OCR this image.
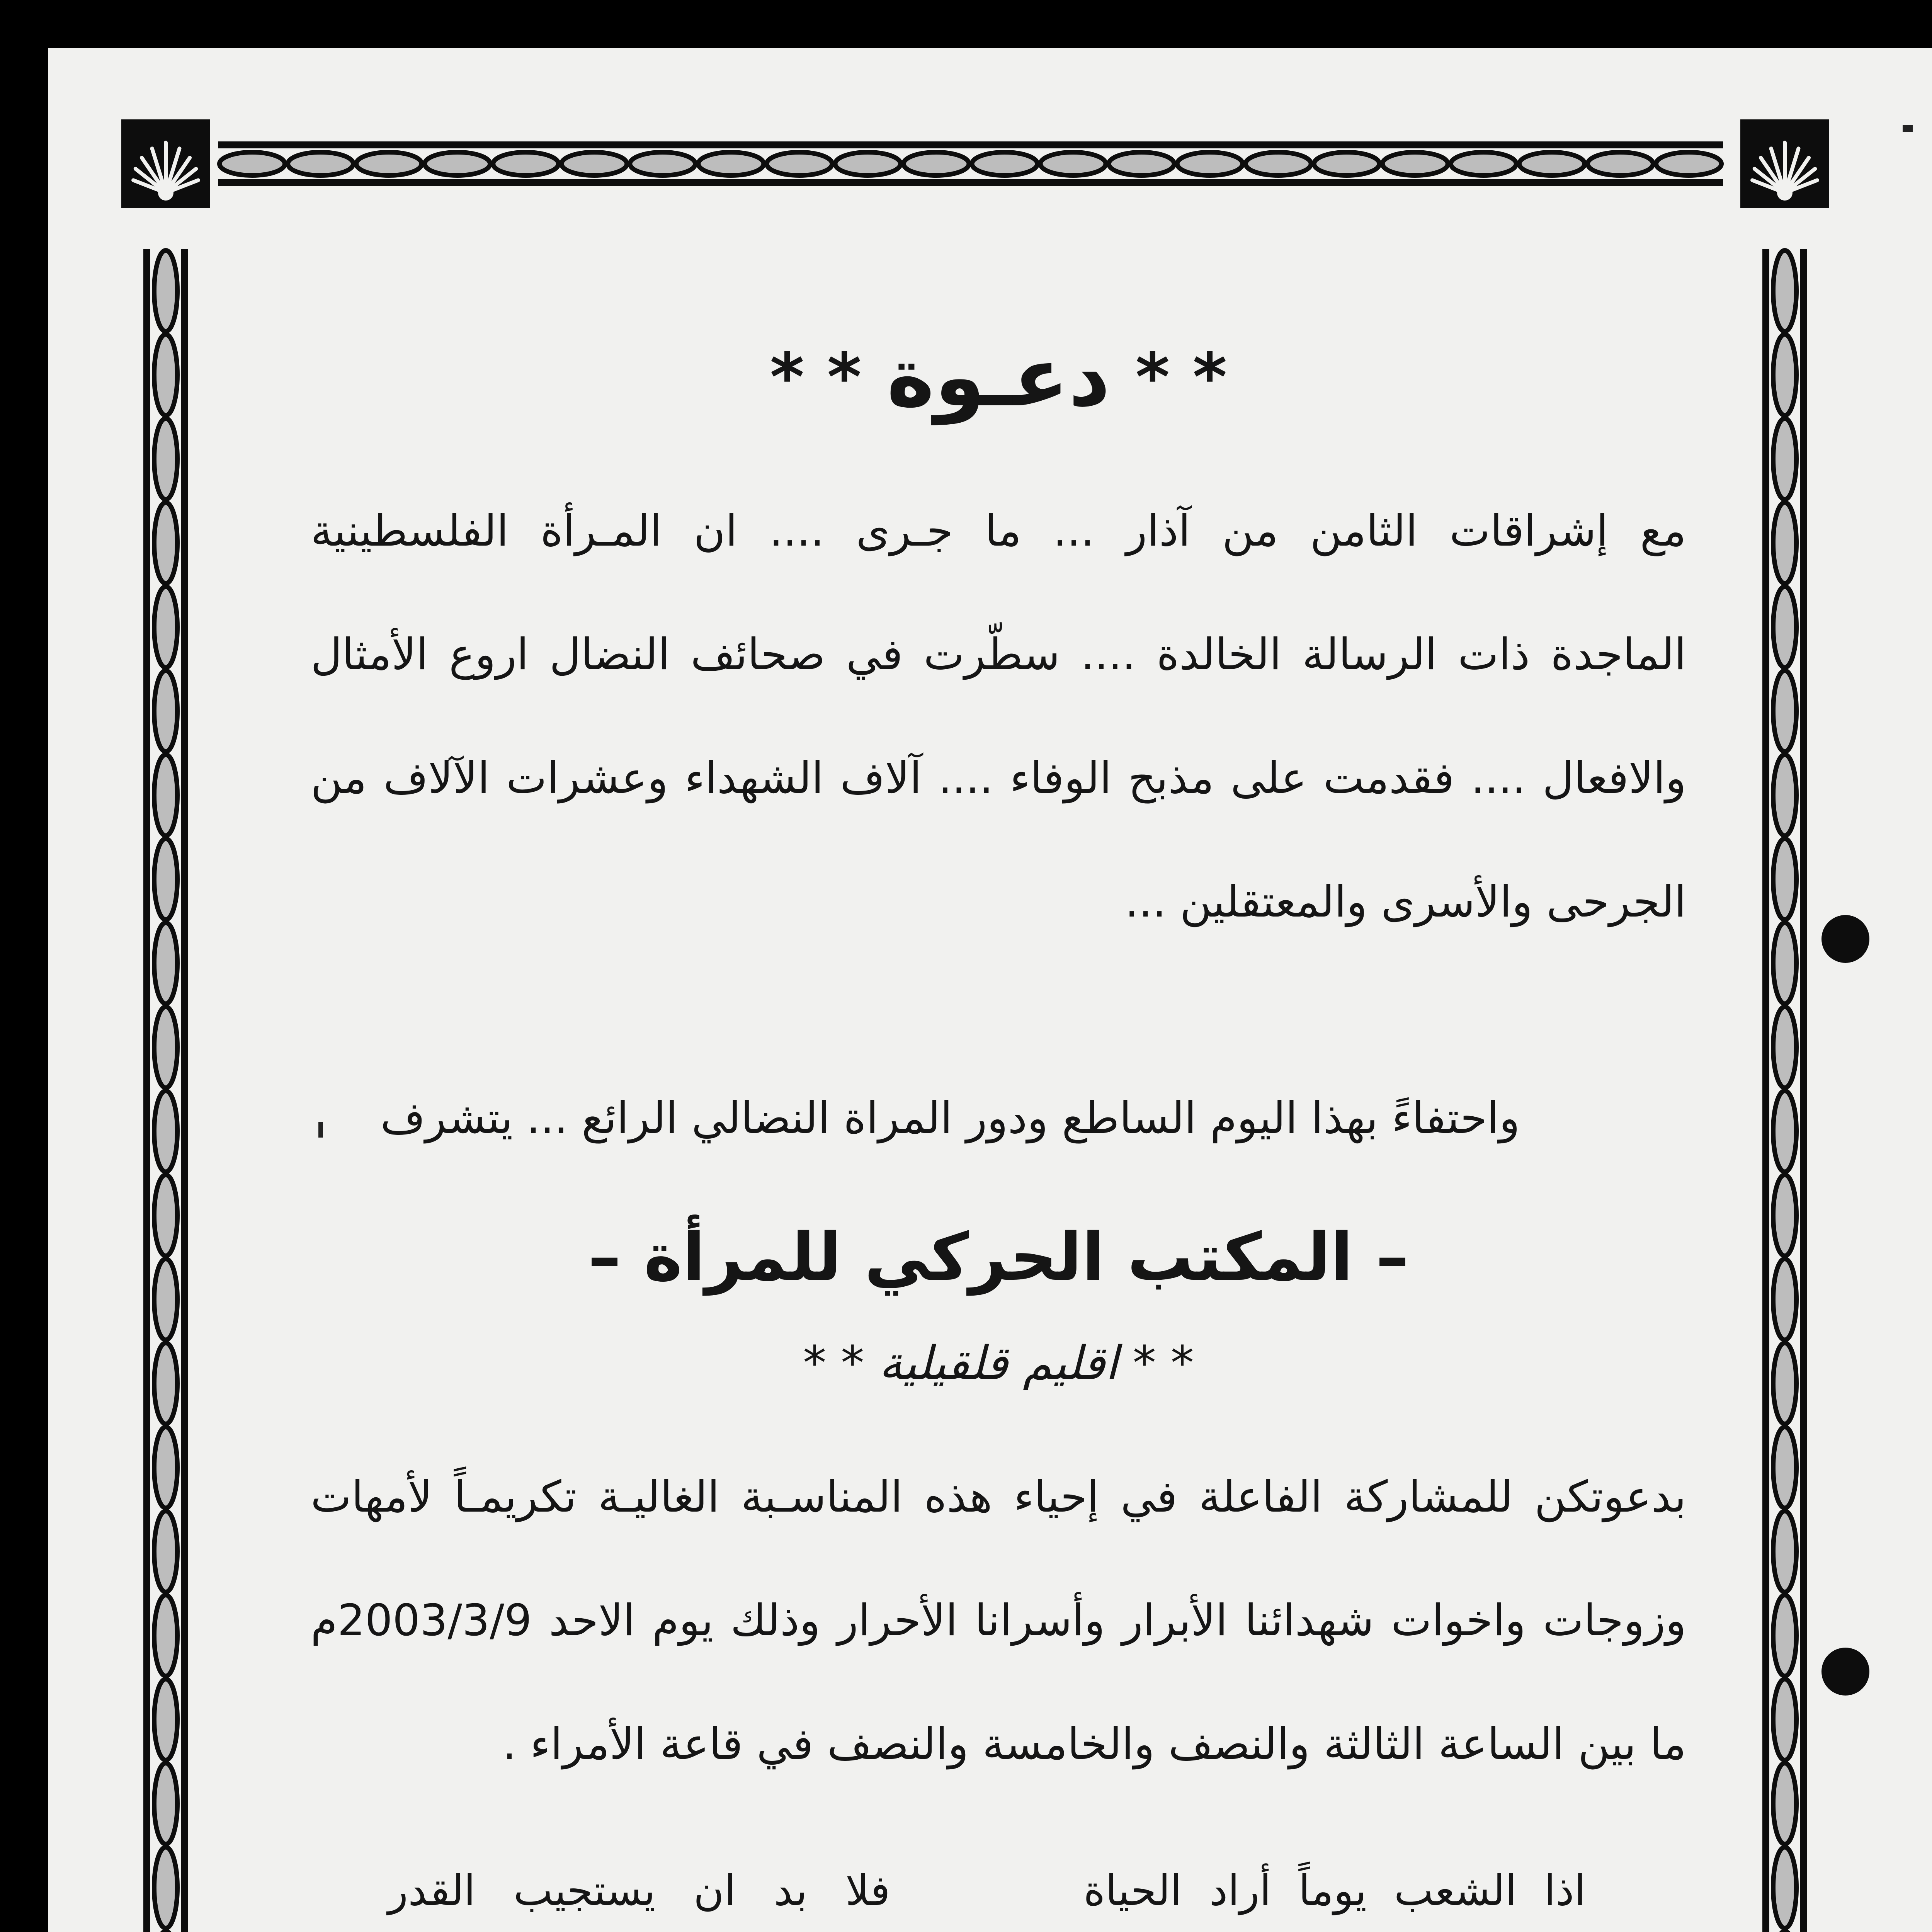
* * دعـوة * *

مع إشراقات الثامن من آذار ... ما جـرى .... ان المـرأة الفلسطينية

الماجدة ذات الرسالة الخالدة .... سطّرت في صحائف النضال اروع الأمثال

والافعال .... فقدمت على مذبح الوفاء .... آلاف الشهداء وعشرات الآلاف من

الجرحى والأسرى والمعتقلين ...

واحتفاءً بهذا اليوم الساطع ودور المراة النضالي الرائع ... يتشرف

– المكتب الحركي للمرأة –

* * اقليم قلقيلية * *

بدعوتكن للمشاركة الفاعلة في إحياء هذه المناسـبة الغاليـة تكريمـاً لأمهات

وزوجات واخوات شهدائنا الأبرار وأسرانا الأحرار وذلك يوم الاحد 2003/3/9م

ما بين الساعة الثالثة والنصف والخامسة والنصف في قاعة الأمراء .

اذا الشعب يوماً أراد الحياة
فلا بد ان يستجيب القدر
